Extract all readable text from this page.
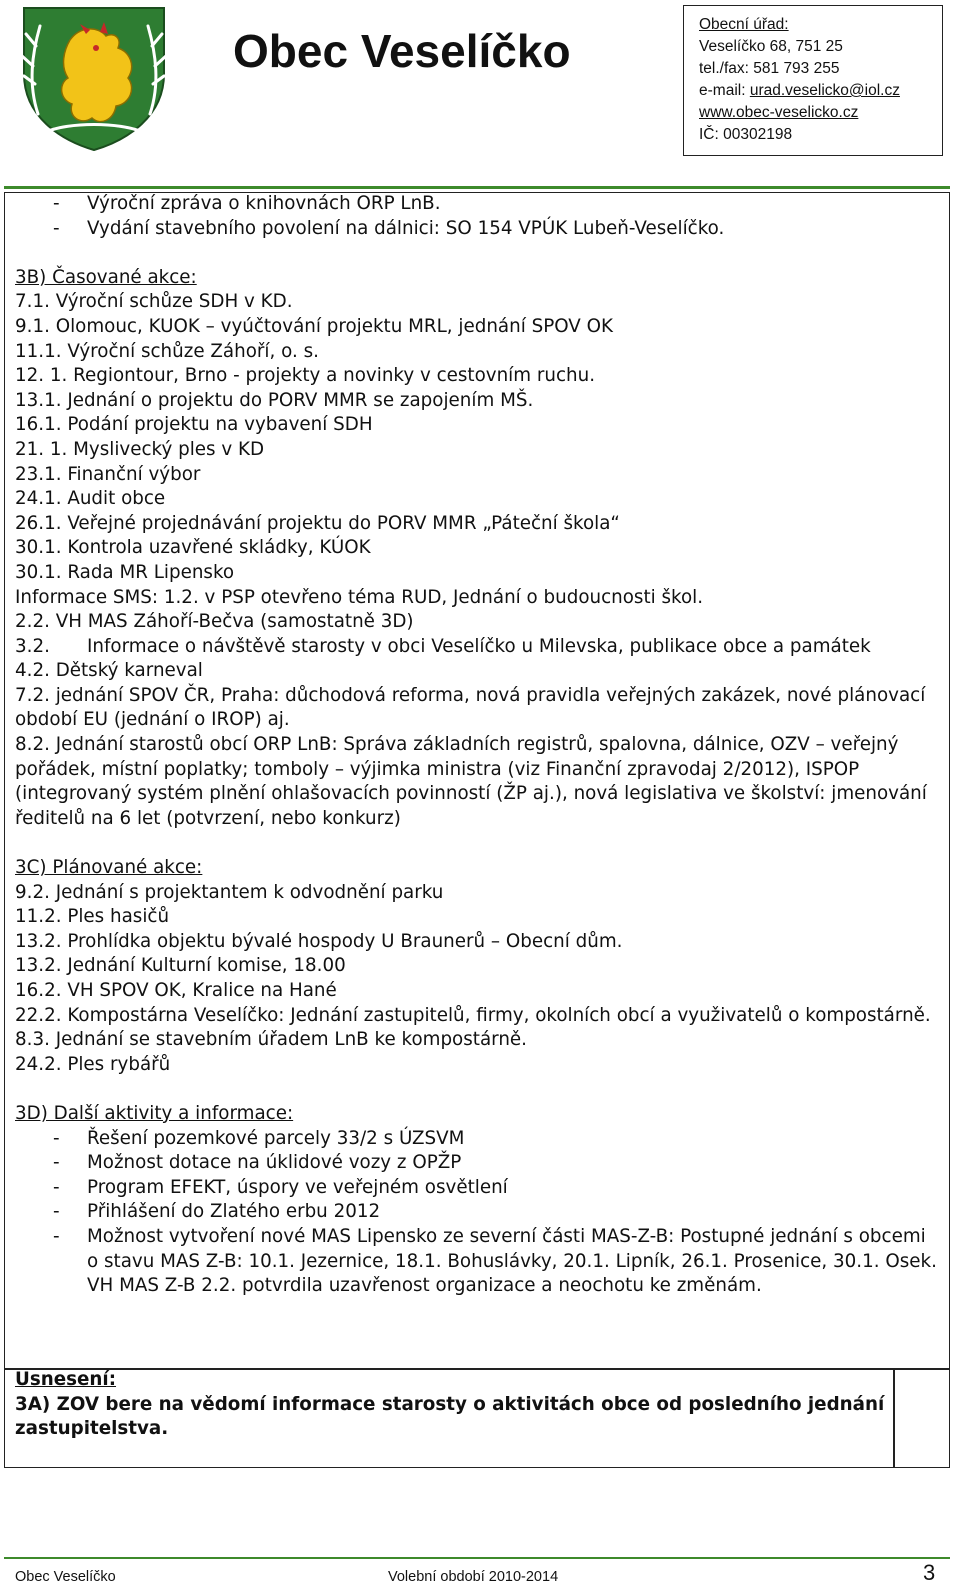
Obec Veselíčko
Obecní úřad:
Veselíčko 68, 751 25
tel./fax: 581 793 255
e-mail: urad.veselicko@iol.cz
www.obec-veselicko.cz
IČ: 00302198
-	Výroční zpráva o knihovnách ORP LnB.
-	Vydání stavebního povolení na dálnici: SO 154 VPÚK Lubeň-Veselíčko.
3B) Časované akce:
7.1. Výroční schůze SDH v KD.
9.1. Olomouc, KUOK – vyúčtování projektu MRL, jednání SPOV OK
11.1. Výroční schůze Záhoří, o. s.
12. 1. Regiontour, Brno - projekty a novinky v cestovním ruchu.
13.1. Jednání o projektu do PORV MMR se zapojením MŠ.
16.1. Podání projektu na vybavení SDH
21. 1. Myslivecký ples v KD
23.1. Finanční výbor
24.1. Audit obce
26.1. Veřejné projednávání projektu do PORV MMR „Páteční škola“
30.1. Kontrola uzavřené skládky, KÚOK
30.1. Rada MR Lipensko
Informace SMS: 1.2. v PSP otevřeno téma RUD, Jednání o budoucnosti škol.
2.2. VH MAS Záhoří-Bečva (samostatně 3D)
3.2.	Informace o návštěvě starosty v obci Veselíčko u Milevska, publikace obce a památek
4.2. Dětský karneval
7.2. jednání SPOV ČR, Praha: důchodová reforma, nová pravidla veřejných zakázek, nové plánovací období EU (jednání o IROP) aj.
8.2. Jednání starostů obcí ORP LnB: Správa základních registrů, spalovna, dálnice, OZV – veřejný pořádek, místní poplatky; tomboly – výjimka ministra (viz Finanční zpravodaj 2/2012), ISPOP (integrovaný systém plnění ohlašovacích povinností (ŽP aj.), nová legislativa ve školství: jmenování ředitelů na 6 let (potvrzení, nebo konkurz)
3C) Plánované akce:
9.2. Jednání s projektantem k odvodnění parku
11.2. Ples hasičů
13.2. Prohlídka objektu bývalé hospody U Braunerů – Obecní dům.
13.2. Jednání Kulturní komise, 18.00
16.2. VH SPOV OK, Kralice na Hané
22.2. Kompostárna Veselíčko: Jednání zastupitelů, firmy, okolních obcí a využivatelů o kompostárně. 8.3. Jednání se stavebním úřadem LnB ke kompostárně.
24.2. Ples rybářů
3D) Další aktivity a informace:
-	Řešení pozemkové parcely 33/2 s ÚZSVM
-	Možnost dotace na úklidové vozy z OPŽP
-	Program EFEKT, úspory ve veřejném osvětlení
-	Přihlášení do Zlatého erbu 2012
-	Možnost vytvoření nové MAS Lipensko ze severní části MAS-Z-B: Postupné jednání s obcemi o stavu MAS Z-B: 10.1. Jezernice, 18.1. Bohuslávky, 20.1. Lipník, 26.1. Prosenice, 30.1. Osek. VH MAS Z-B 2.2. potvrdila uzavřenost organizace a neochotu ke změnám.
Usnesení:
3A) ZOV bere na vědomí informace starosty o aktivitách obce od posledního jednání zastupitelstva.
Obec Veselíčko	Volební období 2010-2014	3
